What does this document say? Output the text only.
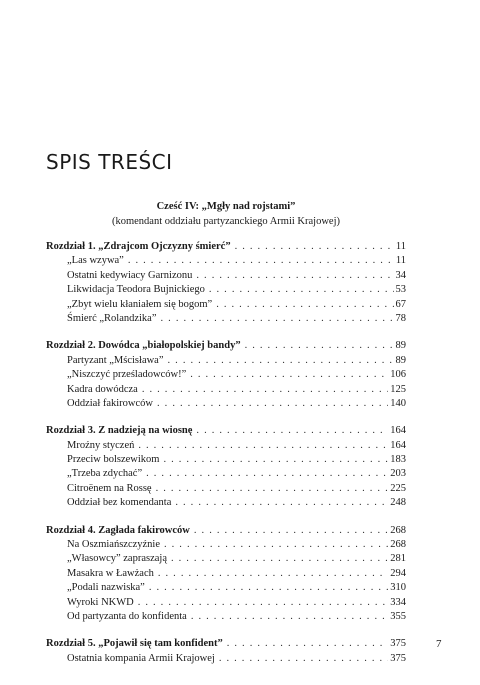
SPIS TREŚCI
Cześć IV: „Mgły nad rojstami”
(komendant oddziału partyzanckiego Armii Krajowej)
Rozdział 1. „Zdrajcom Ojczyzny śmierć” . . .	11
„Las wzywa” . . .	11
Ostatni kedywiacy Garnizonu . . .	34
Likwidacja Teodora Bujnickiego . . .	53
„Zbyt wielu kłaniałem się bogom” . . .	67
Śmierć „Rolandzika” . . .	78
Rozdział 2. Dowódca „białopolskiej bandy” . . .	89
Partyzant „Mścisława” . . .	89
„Niszczyć prześladowców!” . . .	106
Kadra dowódcza . . .	125
Oddział fakirowców . . .	140
Rozdział 3. Z nadzieją na wiosnę . . .	164
Mroźny styczeń . . .	164
Przeciw bolszewikom . . .	183
„Trzeba zdychać” . . .	203
Citroënem na Rossę . . .	225
Oddział bez komendanta . . .	248
Rozdział 4. Zagłada fakirowców . . .	268
Na Oszmiańszczyźnie . . .	268
„Własowcy” zapraszają . . .	281
Masakra w Ławżach . . .	294
„Podali nazwiska” . . .	310
Wyroki NKWD . . .	334
Od partyzanta do konfidenta . . .	355
Rozdział 5. „Pojawił się tam konfident” . . .	375
Ostatnia kompania Armii Krajowej . . .	375
7
